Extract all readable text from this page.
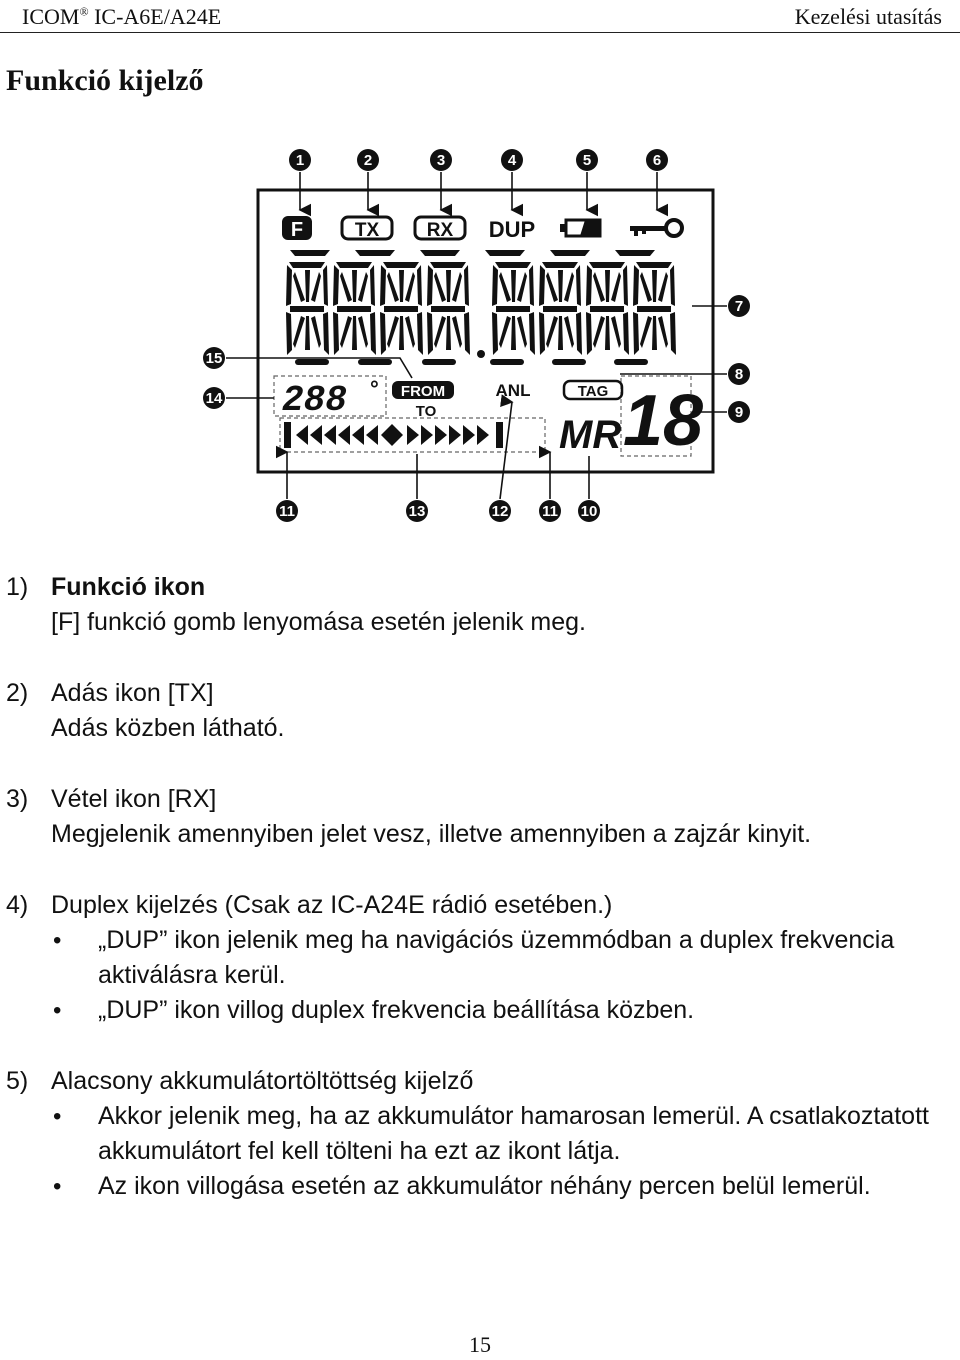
ICOM® IC-A6E/A24E	Kezelési utasítás
Funkció kijelző
F	TX	RX DUP
288 ° FROM
TO
ANL	TAG
MR 18
1	2	3	4	5	6
7
8
9
10
11	11
12
13
14
15
1) Funkció ikon
[F] funkció gomb lenyomása esetén jelenik meg.
2) Adás ikon [TX]
Adás közben látható.
3) Vétel ikon [RX]
Megjelenik amennyiben jelet vesz, illetve amennyiben a zajzár kinyit.
4) Duplex kijelzés (Csak az IC-A24E rádió esetében.)
• „DUP” ikon jelenik meg ha navigációs üzemmódban a duplex frekvencia aktiválásra kerül.
• „DUP” ikon villog duplex frekvencia beállítása közben.
5) Alacsony akkumulátortöltöttség kijelző
• Akkor jelenik meg, ha az akkumulátor hamarosan lemerül. A csatlakoztatott akkumulátort fel kell tölteni ha ezt az ikont látja.
• Az ikon villogása esetén az akkumulátor néhány percen belül lemerül.
15
